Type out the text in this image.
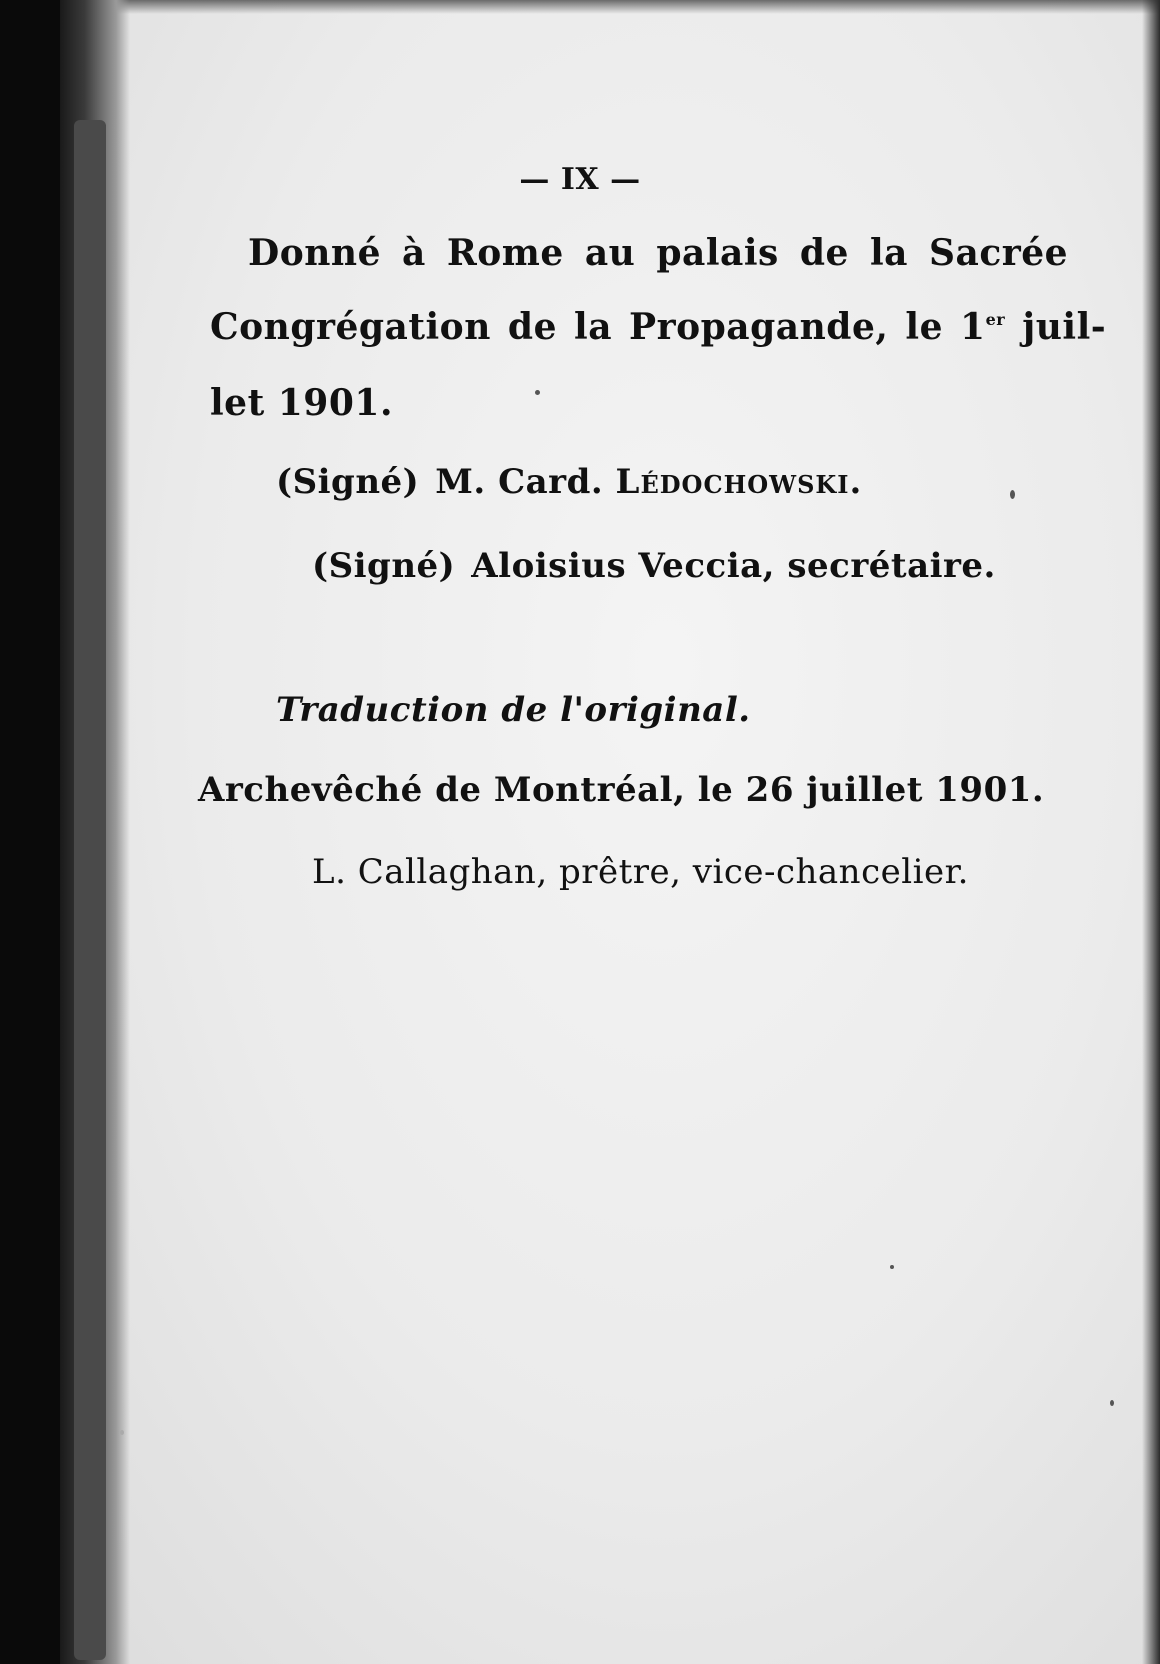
— IX —
Donné à Rome au palais de la Sacrée
Congrégation de la Propagande, le 1er juil-
let 1901.
(Signé) M. Card. Lédochowski.
(Signé) Aloisius Veccia, secrétaire.
Traduction de l'original.
Archevêché de Montréal, le 26 juillet 1901.
L. Callaghan, prêtre, vice-chancelier.
